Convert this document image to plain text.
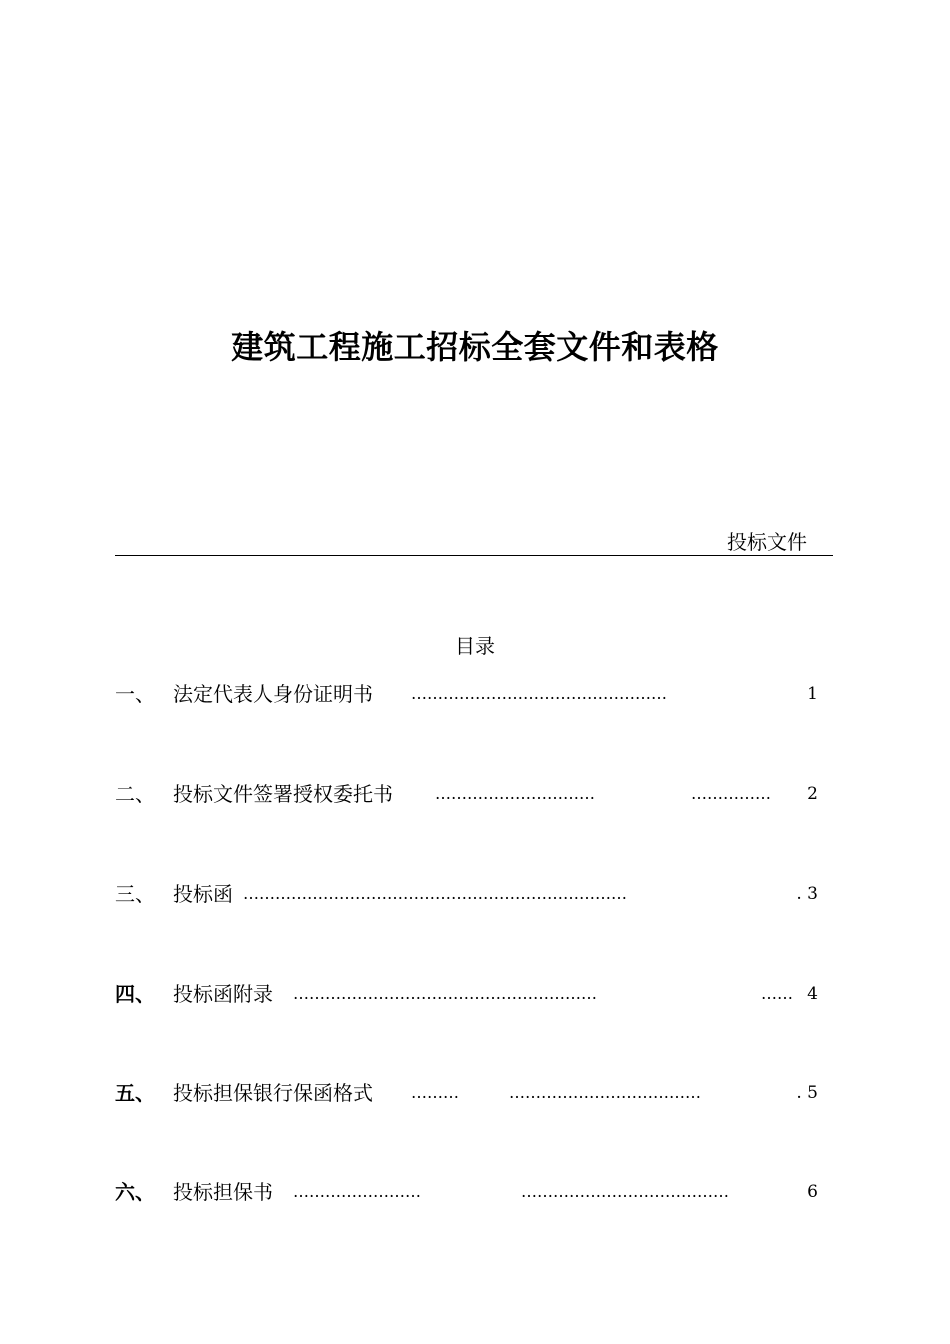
建筑工程施工招标全套文件和表格
投标文件
目录
一、 法定代表人身份证明书 …………………………………………	1
二、 投标文件签署授权委托书	…………………………	……………	2
三、 投标函 ………………………………………………………………	. 3
四、 投标函附录 …………………………………………………	…… 4
五、 投标担保银行保函格式 ………	………………………………	. 5
六、 投标担保书 ……………………	…………………………………	6
